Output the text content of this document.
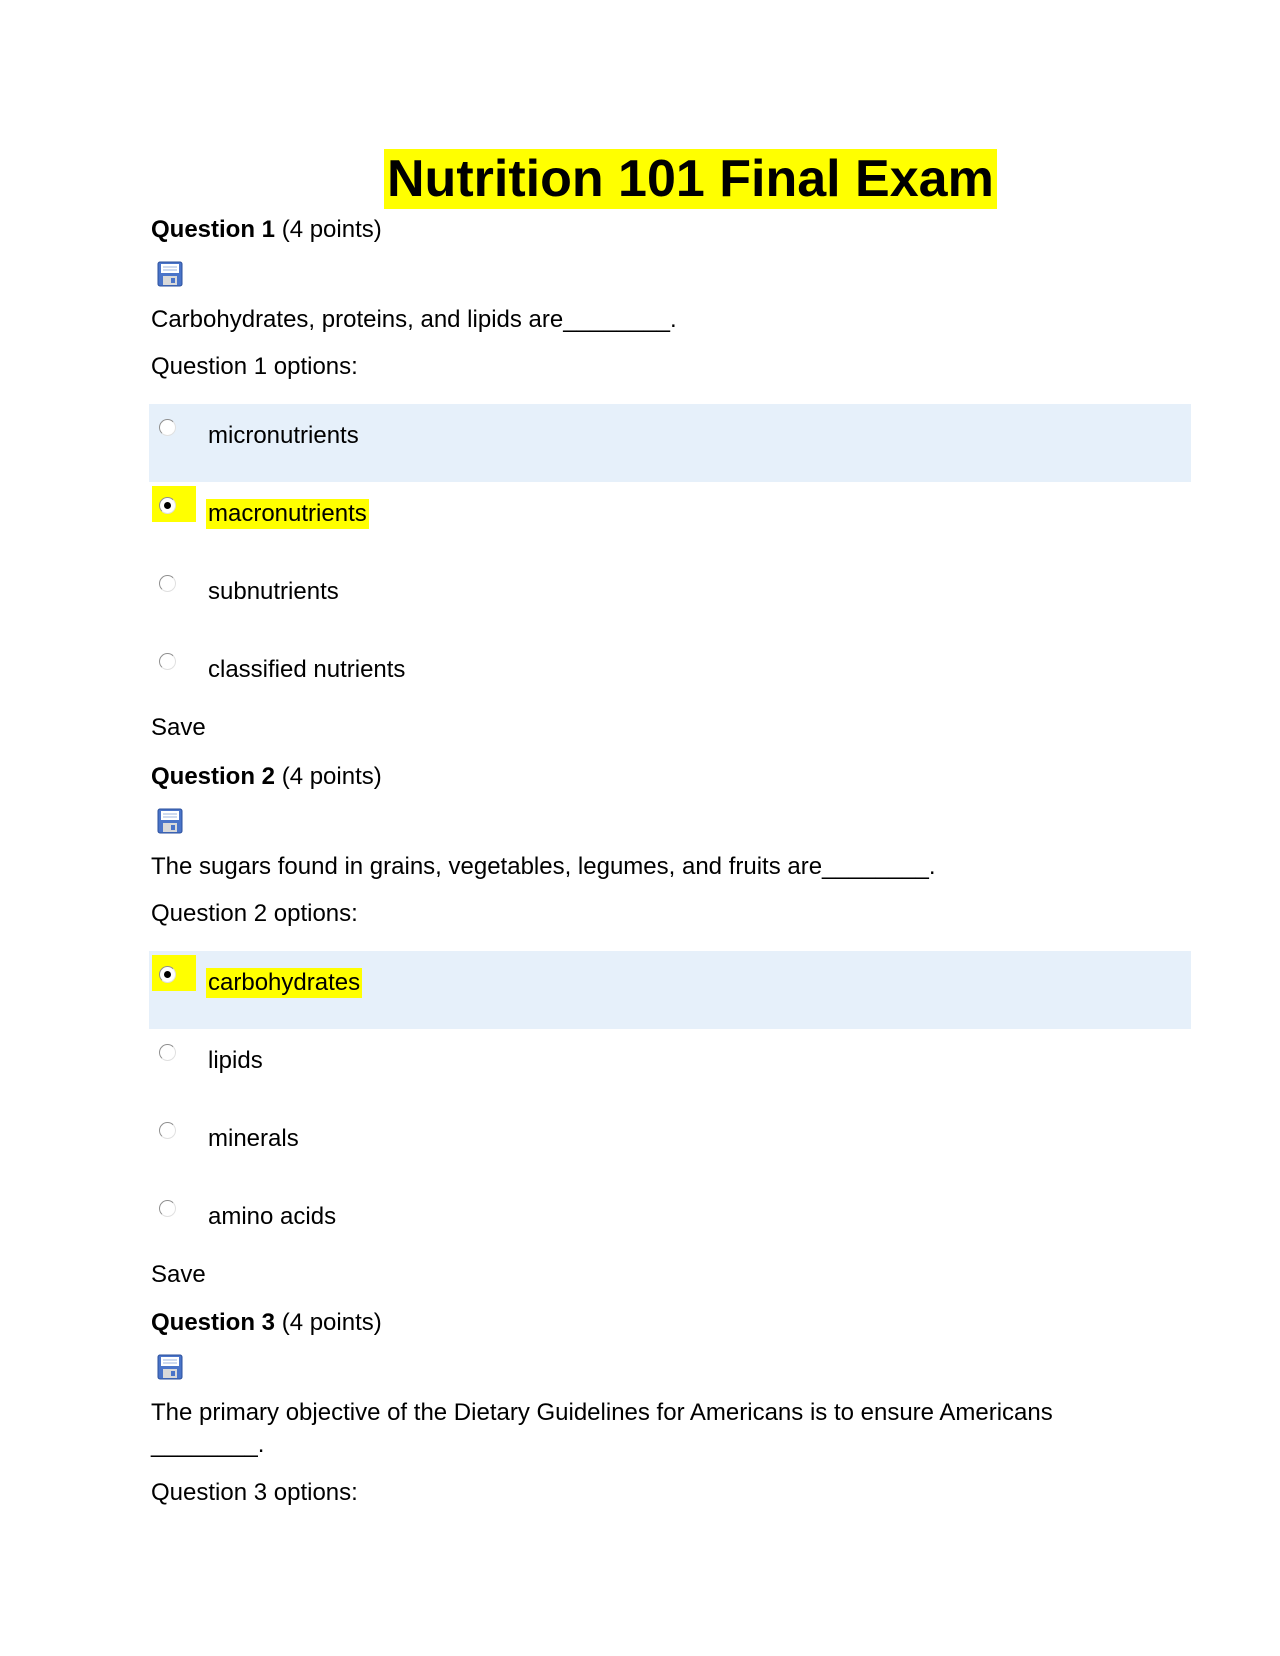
Nutrition 101 Final Exam
Question 1 (4 points)
Carbohydrates, proteins, and lipids are________.
Question 1 options:
micronutrients
macronutrients
subnutrients
classified nutrients
Save
Question 2 (4 points)
The sugars found in grains, vegetables, legumes, and fruits are________.
Question 2 options:
carbohydrates
lipids
minerals
amino acids
Save
Question 3 (4 points)
The primary objective of the Dietary Guidelines for Americans is to ensure Americans ________.
Question 3 options:
